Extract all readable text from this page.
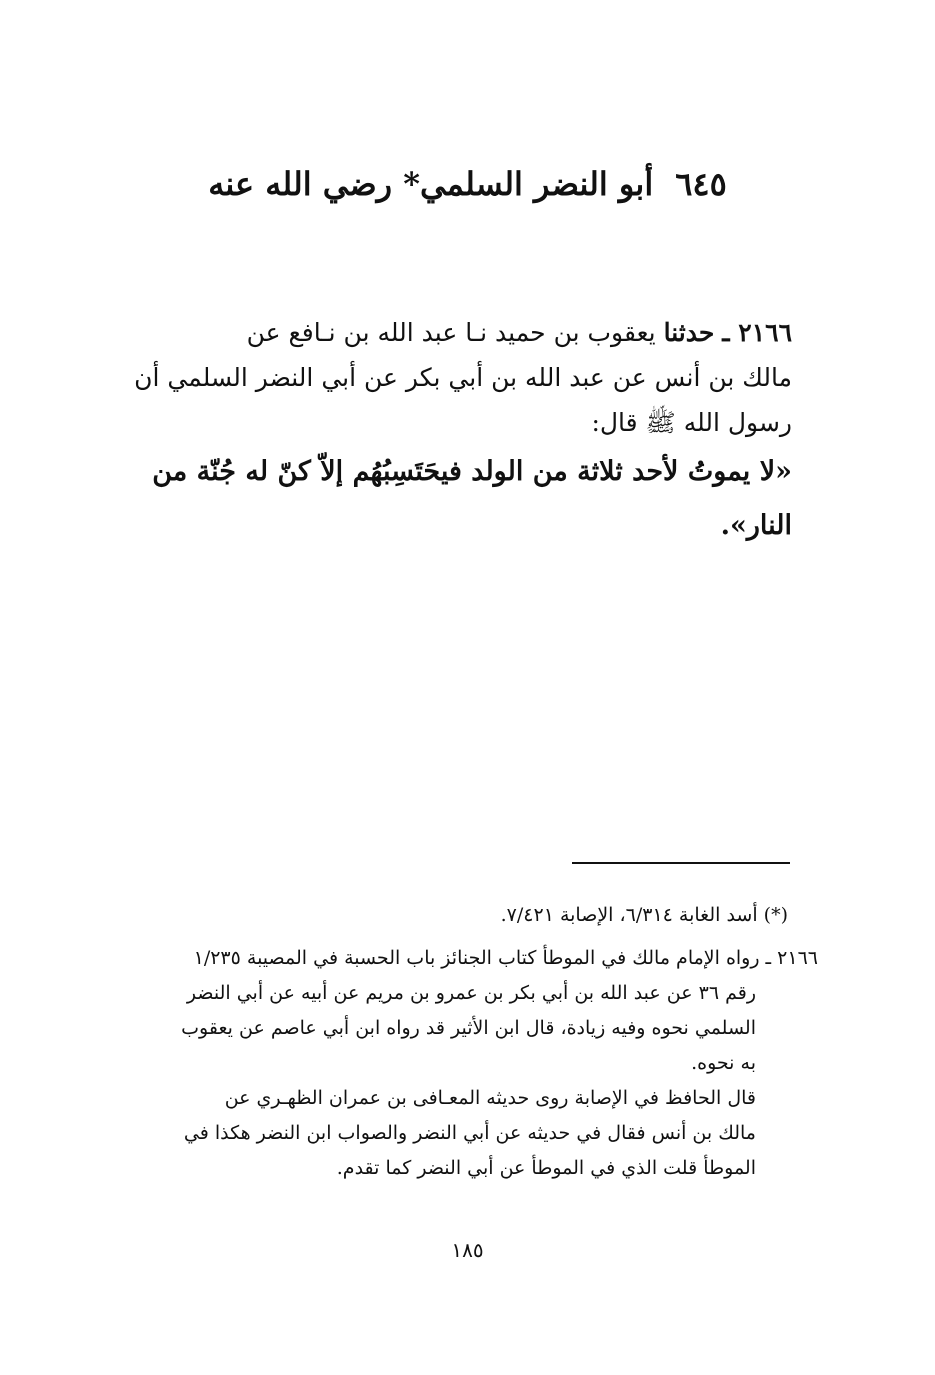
٦٤٥أبو النضر السلمي* رضي الله عنه
٢١٦٦ ـ حدثنا يعقوب بن حميد نـا عبد الله بن نـافع عن
مالك بن أنس عن عبد الله بن أبي بكر عن أبي النضر السلمي أن
رسول الله ﷺ قال:
«لا يموتُ لأحد ثلاثة من الولد فيحَتَسِبُهُم إلاّ كنّ له جُنّة من
النار».
(*) أسد الغابة ٦/٣١٤، الإصابة ٧/٤٢١.
٢١٦٦ ـ رواه الإمام مالك في الموطأ كتاب الجنائز باب الحسبة في المصيبة ١/٢٣٥
رقم ٣٦ عن عبد الله بن أبي بكر بن عمرو بن مريم عن أبيه عن أبي النضر
السلمي نحوه وفيه زيادة، قال ابن الأثير قد رواه ابن أبي عاصم عن يعقوب
به نحوه.
قال الحافظ في الإصابة روى حديثه المعـافى بن عمران الظهـري عن
مالك بن أنس فقال في حديثه عن أبي النضر والصواب ابن النضر هكذا في
الموطأ قلت الذي في الموطأ عن أبي النضر كما تقدم.
١٨٥
